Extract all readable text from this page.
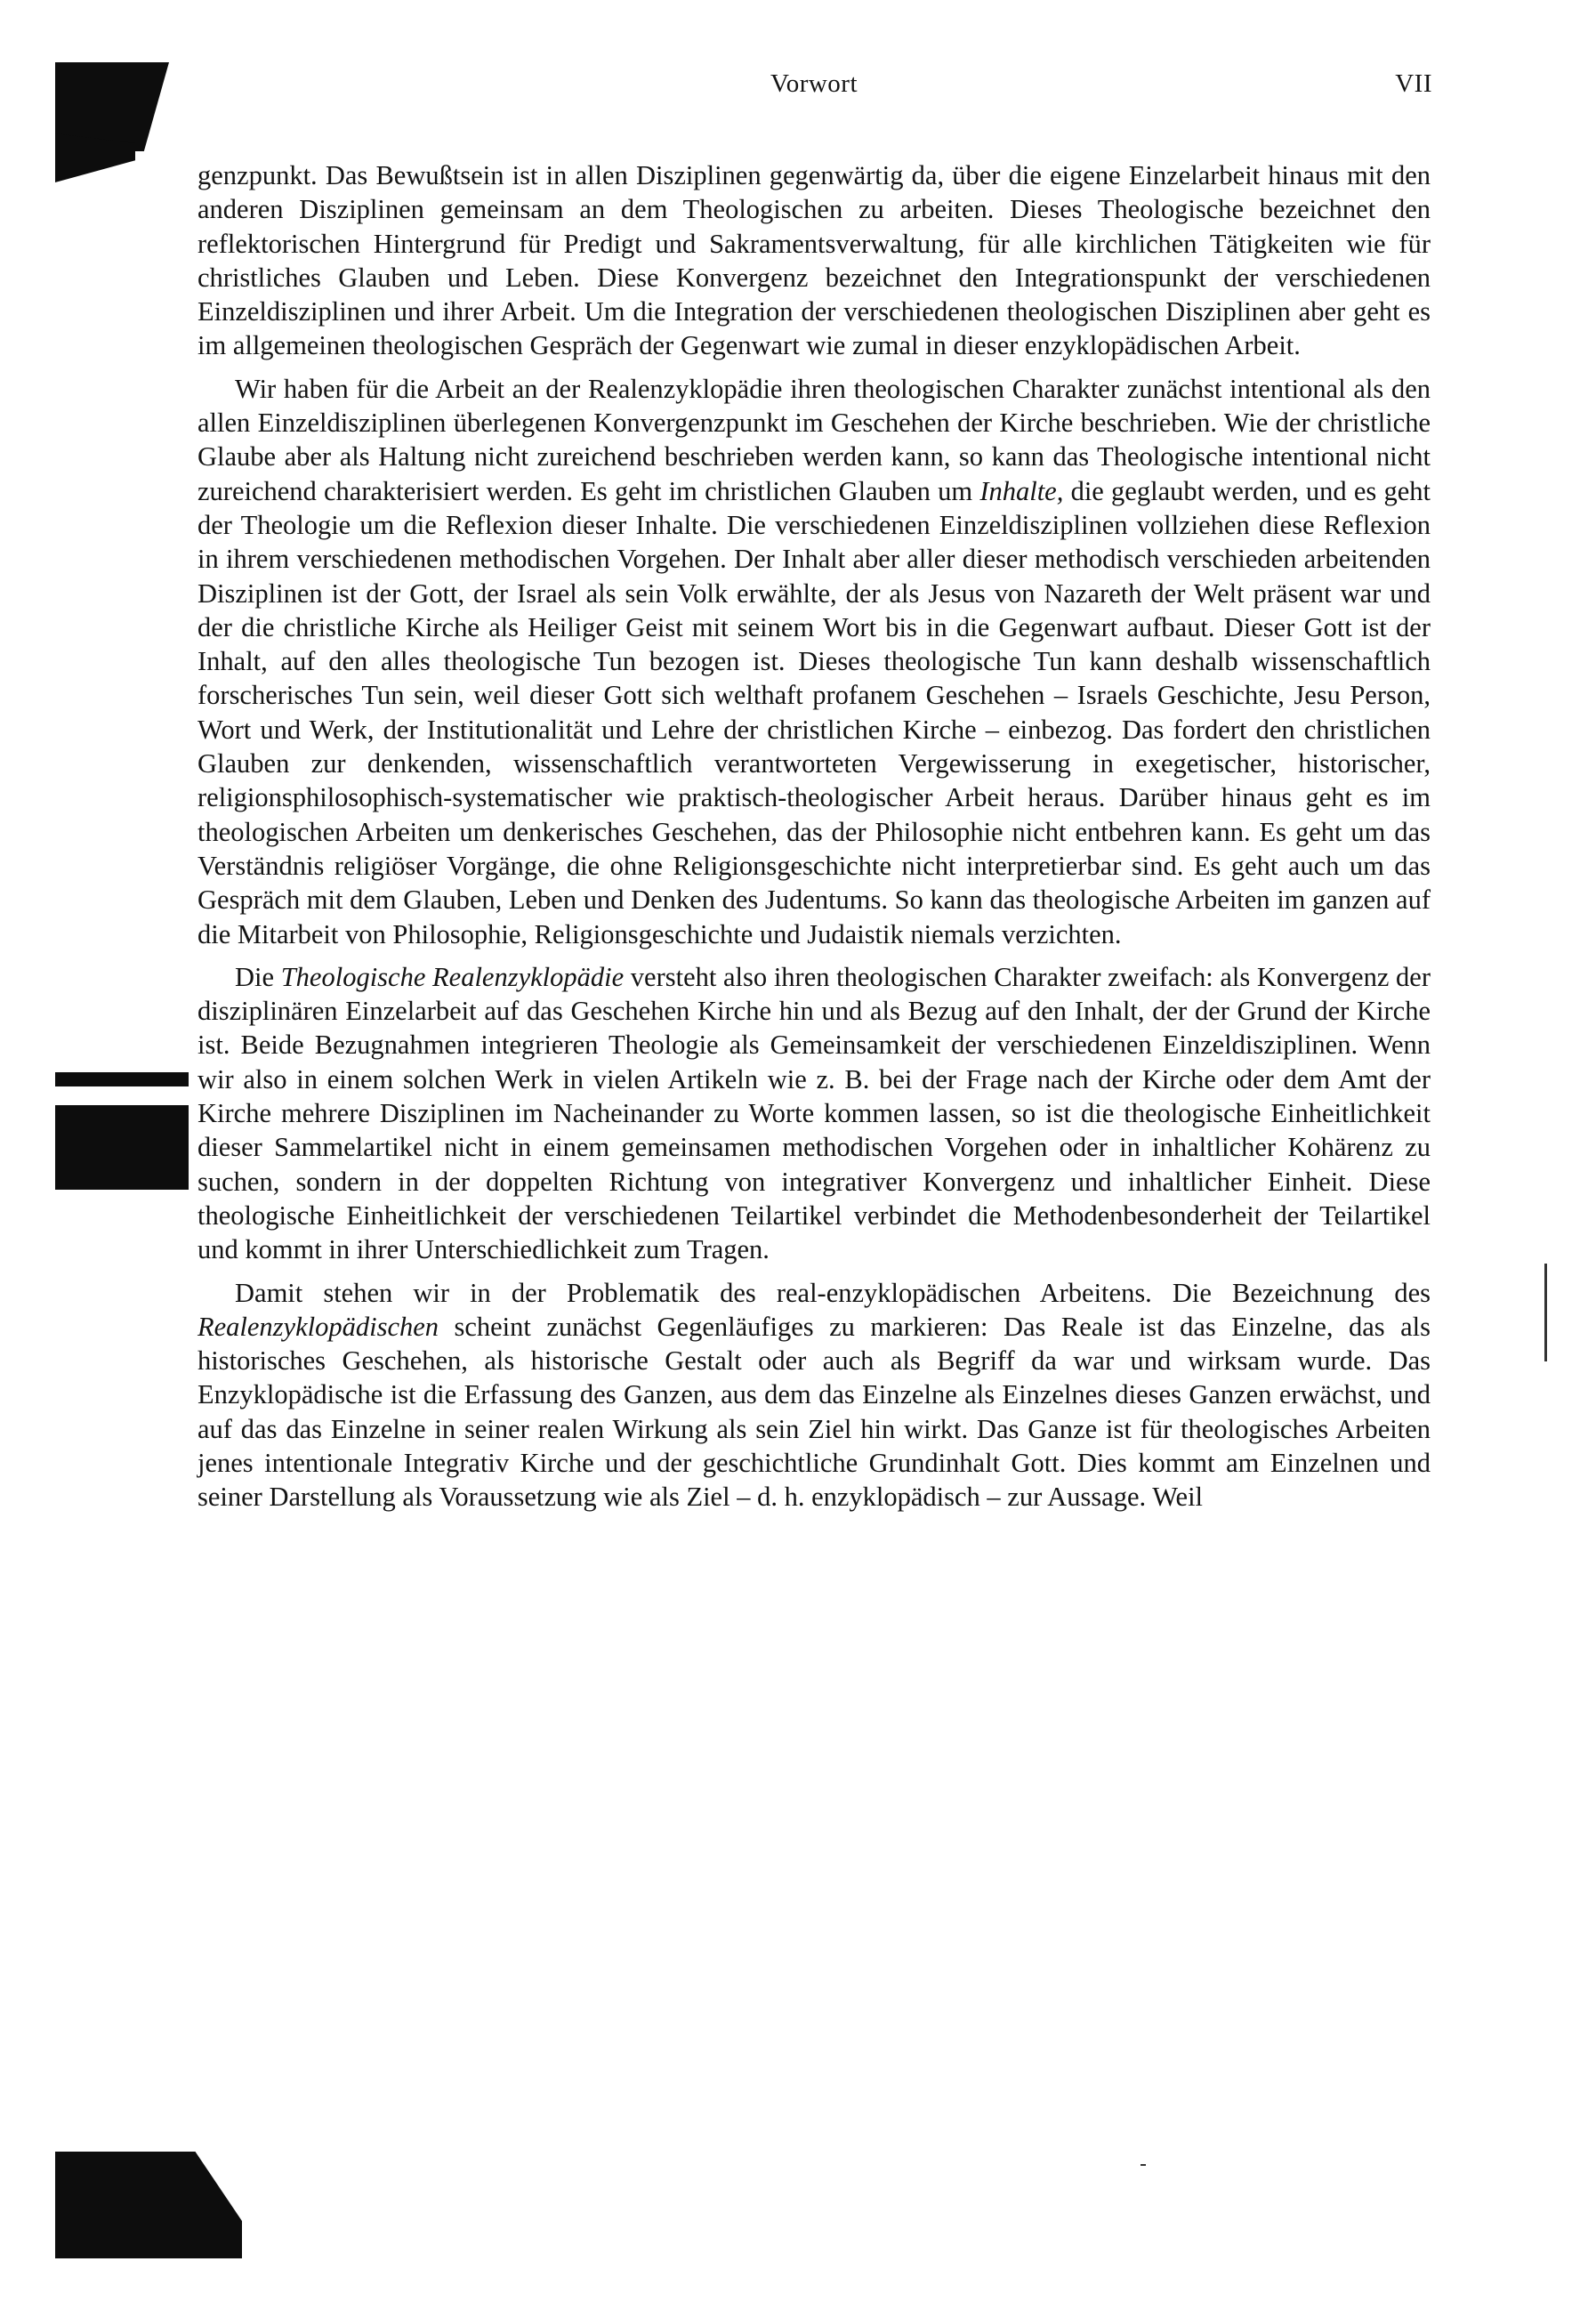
Vorwort	VII

genzpunkt. Das Bewußtsein ist in allen Disziplinen gegenwärtig da, über die eigene Einzelarbeit hinaus mit den anderen Disziplinen gemeinsam an dem Theologischen zu arbeiten. Dieses Theologische bezeichnet den reflektorischen Hintergrund für Predigt und Sakramentsverwaltung, für alle kirchlichen Tätigkeiten wie für christliches Glauben und Leben. Diese Konvergenz bezeichnet den Integrationspunkt der verschiedenen Einzeldisziplinen und ihrer Arbeit. Um die Integration der verschiedenen theologischen Disziplinen aber geht es im allgemeinen theologischen Gespräch der Gegenwart wie zumal in dieser enzyklopädischen Arbeit.

Wir haben für die Arbeit an der Realenzyklopädie ihren theologischen Charakter zunächst intentional als den allen Einzeldisziplinen überlegenen Konvergenzpunkt im Geschehen der Kirche beschrieben. Wie der christliche Glaube aber als Haltung nicht zureichend beschrieben werden kann, so kann das Theologische intentional nicht zureichend charakterisiert werden. Es geht im christlichen Glauben um Inhalte, die geglaubt werden, und es geht der Theologie um die Reflexion dieser Inhalte. Die verschiedenen Einzeldisziplinen vollziehen diese Reflexion in ihrem verschiedenen methodischen Vorgehen. Der Inhalt aber aller dieser methodisch verschieden arbeitenden Disziplinen ist der Gott, der Israel als sein Volk erwählte, der als Jesus von Nazareth der Welt präsent war und der die christliche Kirche als Heiliger Geist mit seinem Wort bis in die Gegenwart aufbaut. Dieser Gott ist der Inhalt, auf den alles theologische Tun bezogen ist. Dieses theologische Tun kann deshalb wissenschaftlich forscherisches Tun sein, weil dieser Gott sich welthaft profanem Geschehen – Israels Geschichte, Jesu Person, Wort und Werk, der Institutionalität und Lehre der christlichen Kirche – einbezog. Das fordert den christlichen Glauben zur denkenden, wissenschaftlich verantworteten Vergewisserung in exegetischer, historischer, religionsphilosophisch-systematischer wie praktisch-theologischer Arbeit heraus. Darüber hinaus geht es im theologischen Arbeiten um denkerisches Geschehen, das der Philosophie nicht entbehren kann. Es geht um das Verständnis religiöser Vorgänge, die ohne Religionsgeschichte nicht interpretierbar sind. Es geht auch um das Gespräch mit dem Glauben, Leben und Denken des Judentums. So kann das theologische Arbeiten im ganzen auf die Mitarbeit von Philosophie, Religionsgeschichte und Judaistik niemals verzichten.

Die Theologische Realenzyklopädie versteht also ihren theologischen Charakter zweifach: als Konvergenz der disziplinären Einzelarbeit auf das Geschehen Kirche hin und als Bezug auf den Inhalt, der der Grund der Kirche ist. Beide Bezugnahmen integrieren Theologie als Gemeinsamkeit der verschiedenen Einzeldisziplinen. Wenn wir also in einem solchen Werk in vielen Artikeln wie z. B. bei der Frage nach der Kirche oder dem Amt der Kirche mehrere Disziplinen im Nacheinander zu Worte kommen lassen, so ist die theologische Einheitlichkeit dieser Sammelartikel nicht in einem gemeinsamen methodischen Vorgehen oder in inhaltlicher Kohärenz zu suchen, sondern in der doppelten Richtung von integrativer Konvergenz und inhaltlicher Einheit. Diese theologische Einheitlichkeit der verschiedenen Teilartikel verbindet die Methodenbesonderheit der Teilartikel und kommt in ihrer Unterschiedlichkeit zum Tragen.

Damit stehen wir in der Problematik des real-enzyklopädischen Arbeitens. Die Bezeichnung des Realenzyklopädischen scheint zunächst Gegenläufiges zu markieren: Das Reale ist das Einzelne, das als historisches Geschehen, als historische Gestalt oder auch als Begriff da war und wirksam wurde. Das Enzyklopädische ist die Erfassung des Ganzen, aus dem das Einzelne als Einzelnes dieses Ganzen erwächst, und auf das das Einzelne in seiner realen Wirkung als sein Ziel hin wirkt. Das Ganze ist für theologisches Arbeiten jenes intentionale Integrativ Kirche und der geschichtliche Grundinhalt Gott. Dies kommt am Einzelnen und seiner Darstellung als Voraussetzung wie als Ziel – d. h. enzyklopädisch – zur Aussage. Weil
